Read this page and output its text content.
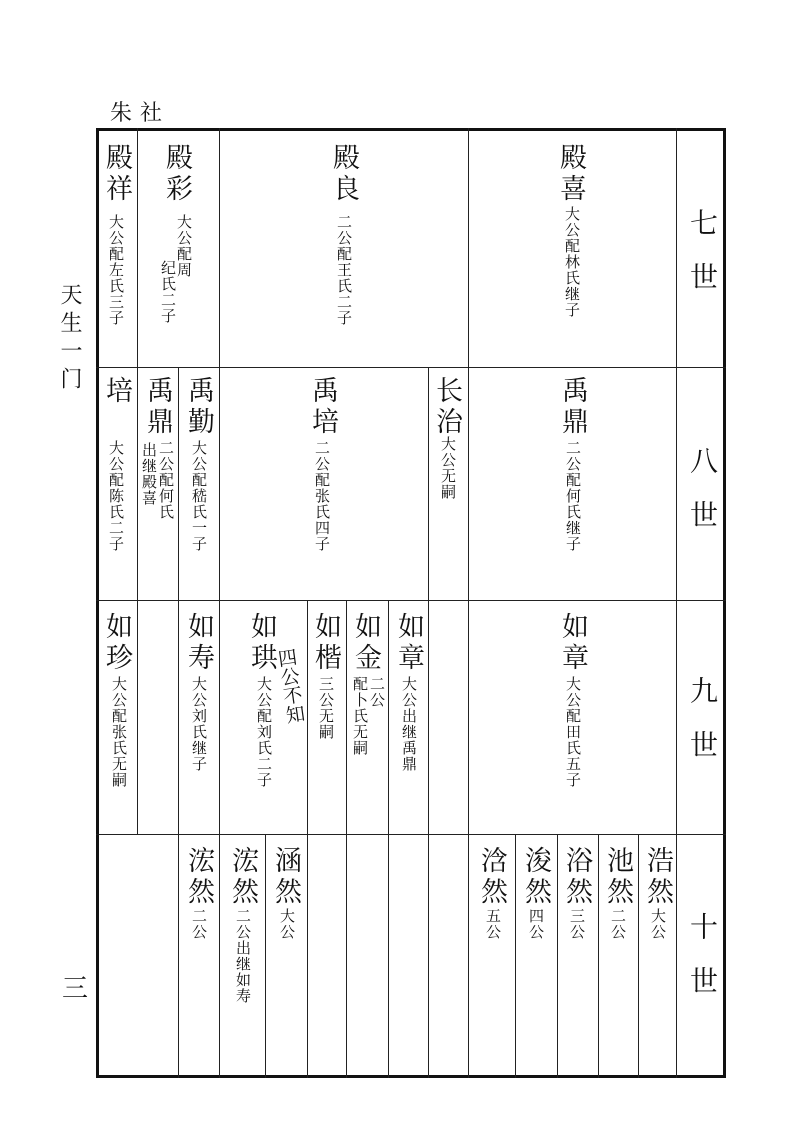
朱社
天生一门
三
七世
八世
九世
十世
殿祥
大公配左氏三子
殿彩
大公配
纪氏二子
周
殿良
二公配王氏二子
殿喜
大公配林氏继子
培
大公配陈氏二子
禹鼎
二公配何氏
出继殿喜
禹勤
大公配嵇氏一子
禹培
二公配张氏四子
长治
大公无嗣
禹鼎
二公配何氏继子
如珍
大公配张氏无嗣
如寿
大公刘氏继子
如珙
大公配刘氏二子 四公不知
如楷
三公无嗣
如金
二公
配卜氏无嗣
如章
大公出继禹鼎
如章
大公配田氏五子
浤然
二公
浤然
二公出继如寿
涵然
大公
浛然
五公
浚然
四公
浴然
三公
池然
二公
浩然
大公
